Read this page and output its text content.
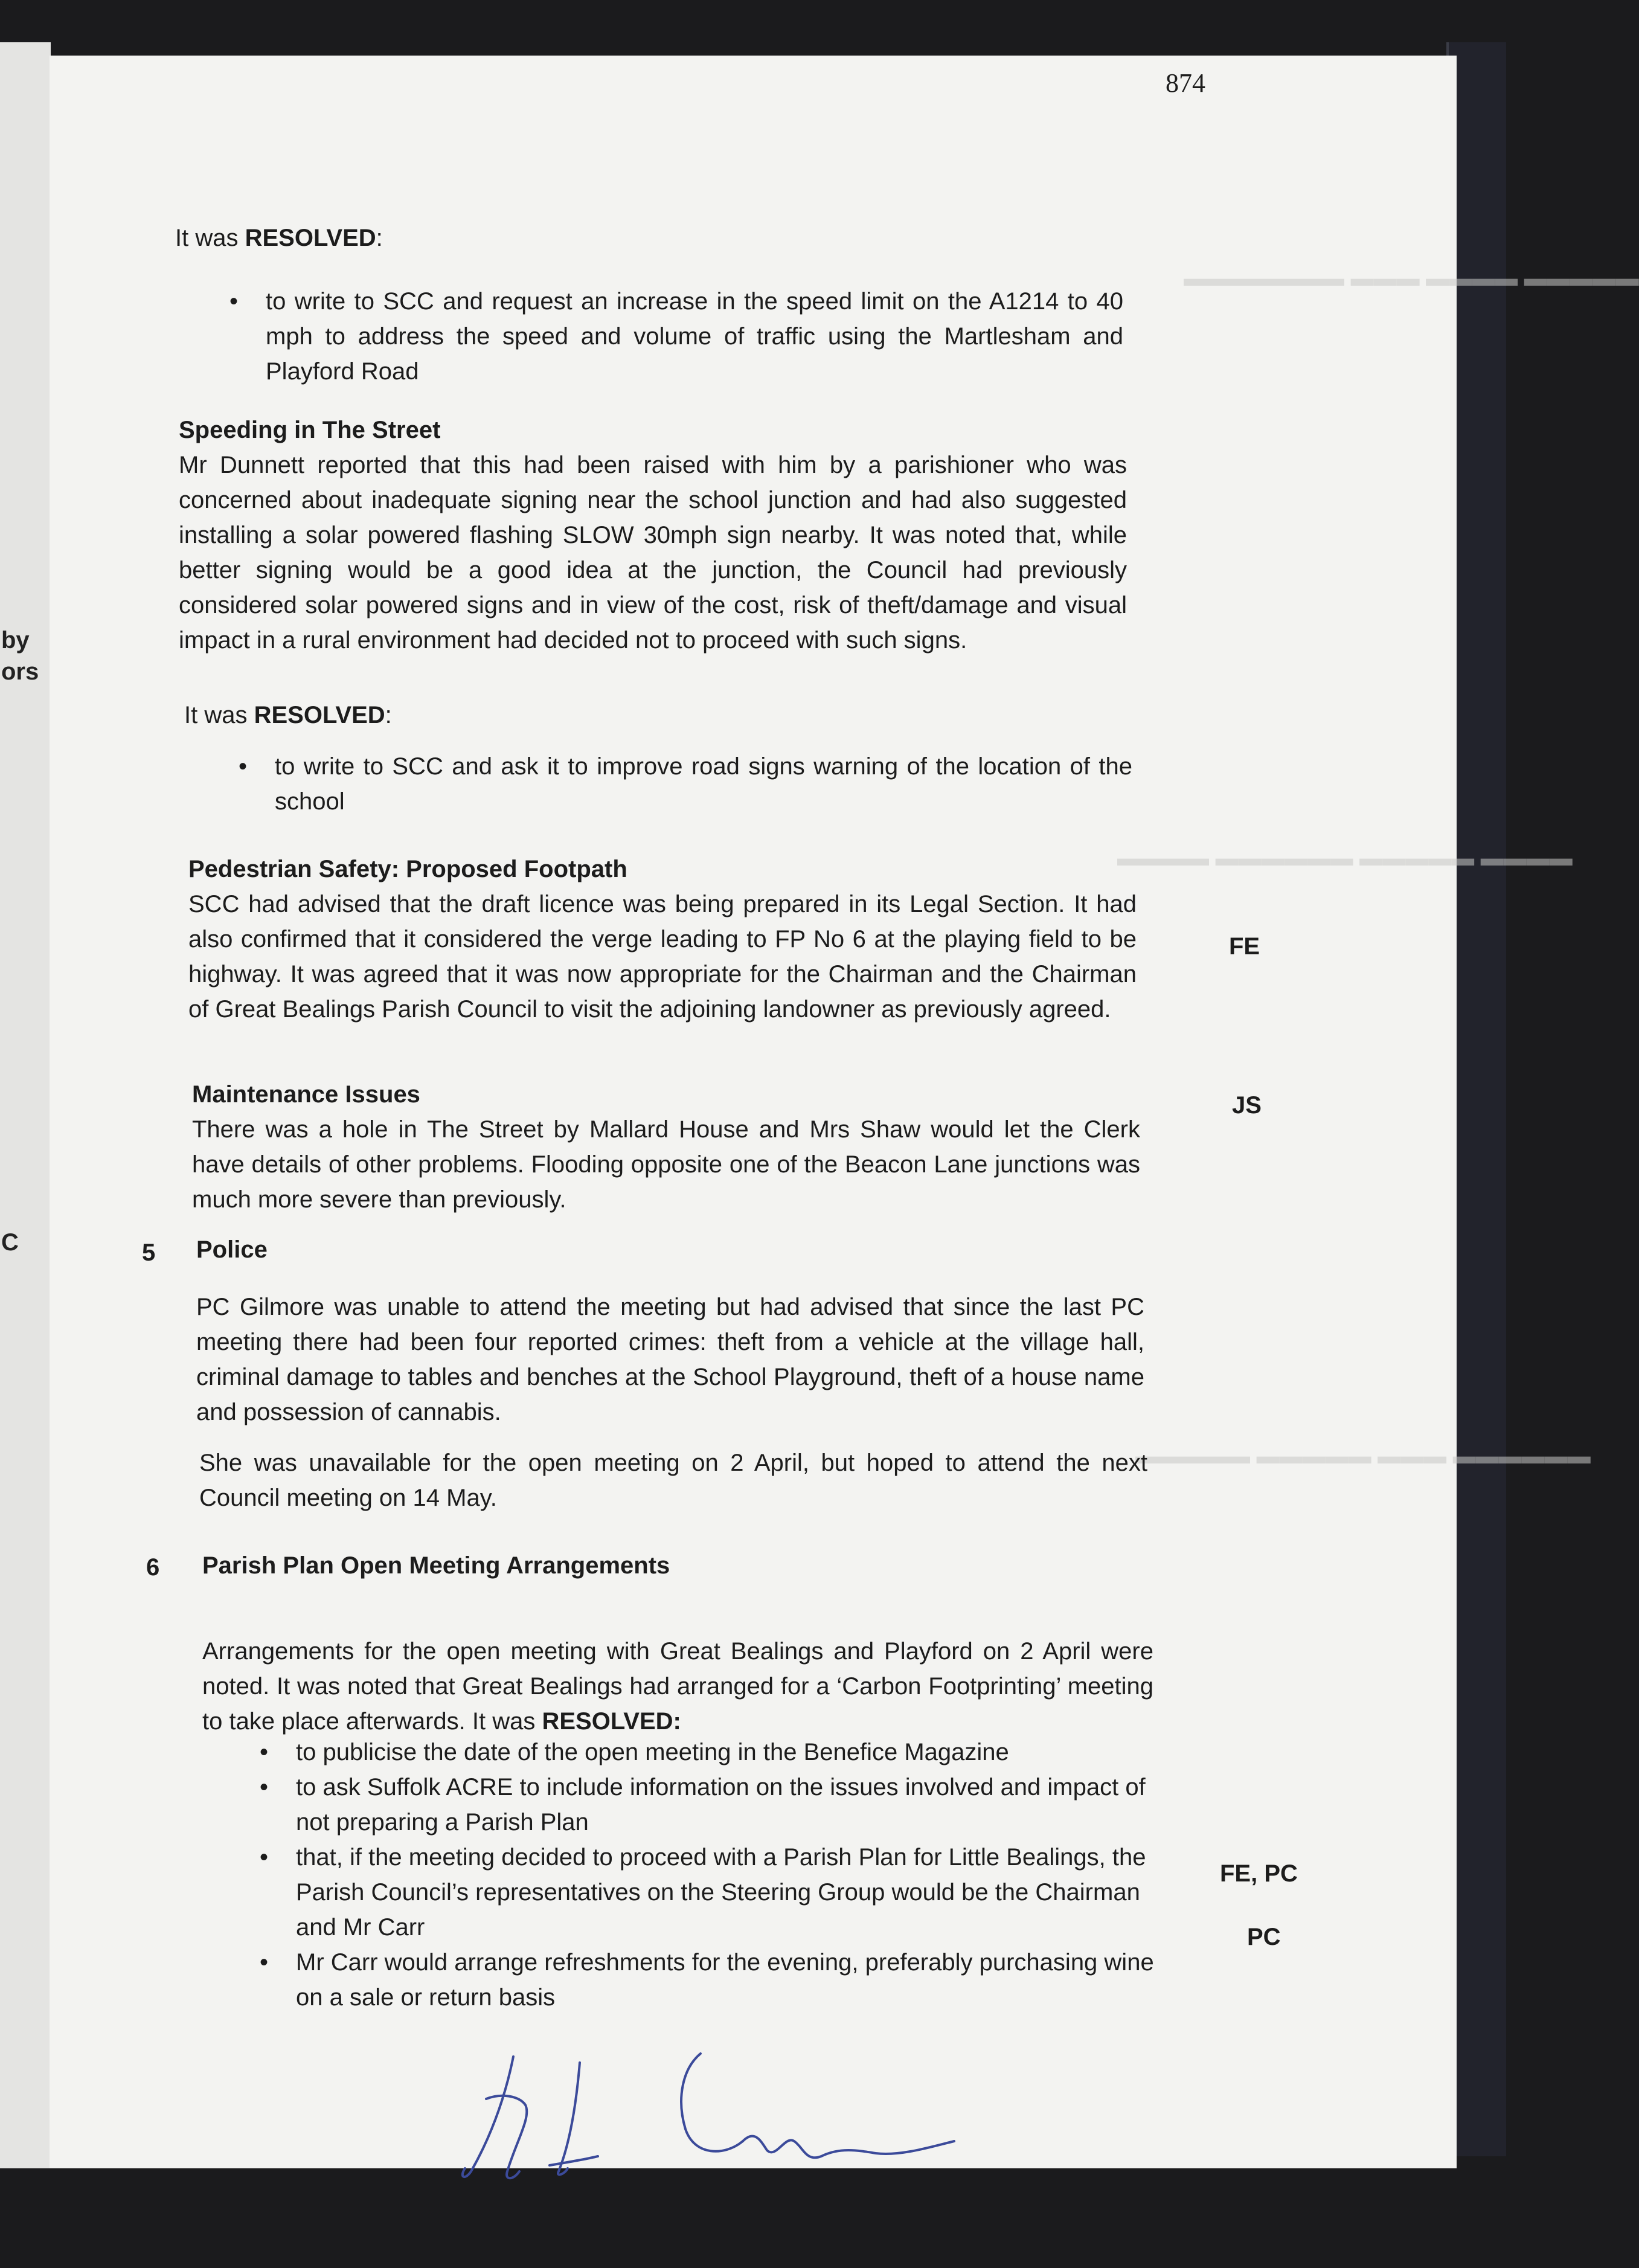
by
ors
C
▬▬▬▬▬ ▬▬▬▬ ▬▬▬ ▬▬▬▬▬▬▬
▬▬▬▬ ▬▬▬▬▬ ▬▬▬▬▬▬ ▬▬▬▬
▬▬▬▬▬▬ ▬▬▬ ▬▬▬▬▬ ▬▬▬▬▬
874

It was RESOLVED:

• to write to SCC and request an increase in the speed limit on the A1214 to 40 mph to address the speed and volume of traffic using the Martlesham and Playford Road

Speeding in The Street

Mr Dunnett reported that this had been raised with him by a parishioner who was concerned about inadequate signing near the school junction and had also suggested installing a solar powered flashing SLOW 30mph sign nearby. It was noted that, while better signing would be a good idea at the junction, the Council had previously considered solar powered signs and in view of the cost, risk of theft/damage and visual impact in a rural environment had decided not to proceed with such signs.

It was RESOLVED:

• to write to SCC and ask it to improve road signs warning of the location of the school

Pedestrian Safety: Proposed Footpath

SCC had advised that the draft licence was being prepared in its Legal Section. It had also confirmed that it considered the verge leading to FP No 6 at the playing field to be highway. It was agreed that it was now appropriate for the Chairman and the Chairman of Great Bealings Parish Council to visit the adjoining landowner as previously agreed.

FE

Maintenance Issues

There was a hole in The Street by Mallard House and Mrs Shaw would let the Clerk have details of other problems. Flooding opposite one of the Beacon Lane junctions was much more severe than previously.

JS
5 Police

PC Gilmore was unable to attend the meeting but had advised that since the last PC meeting there had been four reported crimes: theft from a vehicle at the village hall, criminal damage to tables and benches at the School Playground, theft of a house name and possession of cannabis.

She was unavailable for the open meeting on 2 April, but hoped to attend the next Council meeting on 14 May.

6 Parish Plan Open Meeting Arrangements

Arrangements for the open meeting with Great Bealings and Playford on 2 April were noted. It was noted that Great Bealings had arranged for a ‘Carbon Footprinting’ meeting to take place afterwards. It was RESOLVED:

• to publicise the date of the open meeting in the Benefice Magazine
• to ask Suffolk ACRE to include information on the issues involved and impact of not preparing a Parish Plan
• that, if the meeting decided to proceed with a Parish Plan for Little Bealings, the Parish Council’s representatives on the Steering Group would be the Chairman and Mr Carr
• Mr Carr would arrange refreshments for the evening, preferably purchasing wine on a sale or return basis
FE, PC
PC
